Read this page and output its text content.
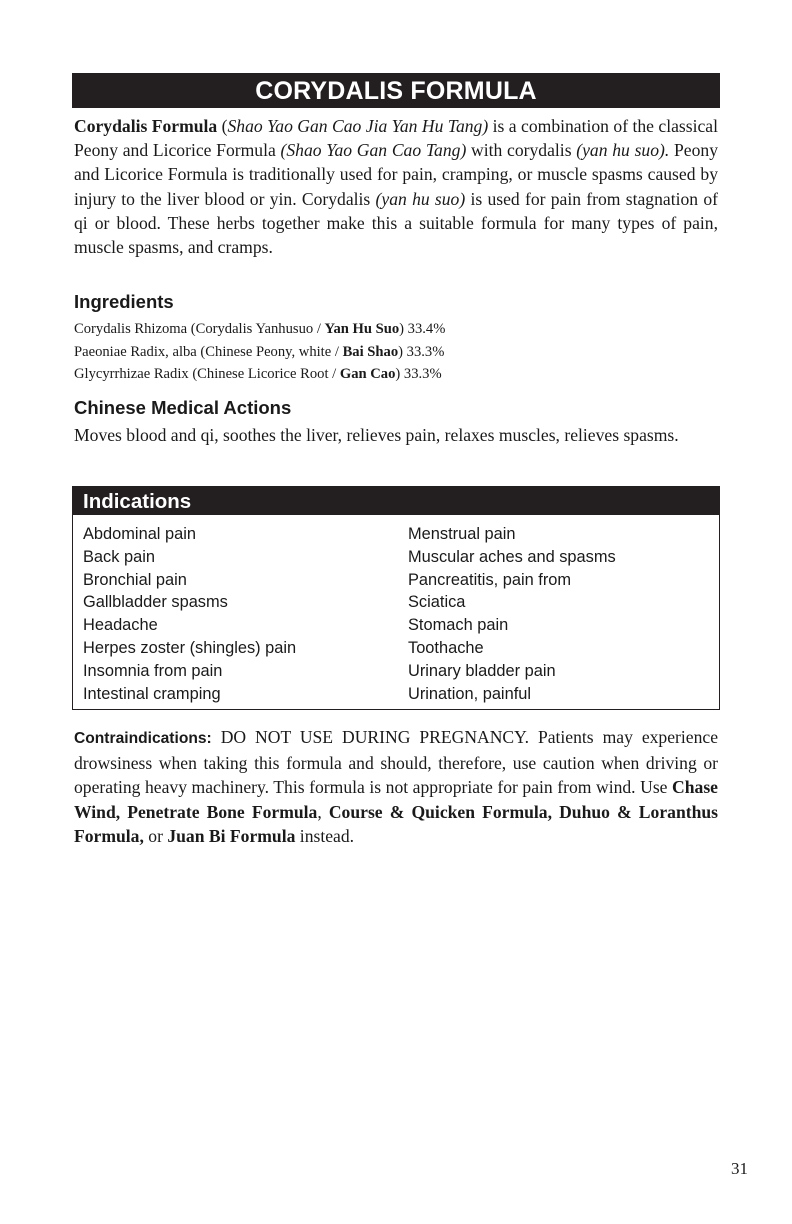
CORYDALIS FORMULA

Corydalis Formula (Shao Yao Gan Cao Jia Yan Hu Tang) is a combination of the classical Peony and Licorice Formula (Shao Yao Gan Cao Tang) with corydalis (yan hu suo). Peony and Licorice Formula is traditionally used for pain, cramping, or muscle spasms caused by injury to the liver blood or yin. Corydalis (yan hu suo) is used for pain from stagnation of qi or blood. These herbs together make this a suitable formula for many types of pain, muscle spasms, and cramps.

Ingredients
Corydalis Rhizoma (Corydalis Yanhusuo / Yan Hu Suo) 33.4%
Paeoniae Radix, alba (Chinese Peony, white / Bai Shao) 33.3%
Glycyrrhizae Radix (Chinese Licorice Root / Gan Cao) 33.3%
Chinese Medical Actions

Moves blood and qi, soothes the liver, relieves pain, relaxes muscles, relieves spasms.

Indications
Abdominal pain
Back pain
Bronchial pain
Gallbladder spasms
Headache
Herpes zoster (shingles) pain
Insomnia from pain
Intestinal cramping
Menstrual pain
Muscular aches and spasms
Pancreatitis, pain from
Sciatica
Stomach pain
Toothache
Urinary bladder pain
Urination, painful

Contraindications: DO NOT USE DURING PREGNANCY. Patients may experience drowsiness when taking this formula and should, therefore, use caution when driving or operating heavy machinery. This formula is not appropriate for pain from wind. Use Chase Wind, Penetrate Bone Formula, Course & Quicken Formula, Duhuo & Loranthus Formula, or Juan Bi Formula instead.

31
